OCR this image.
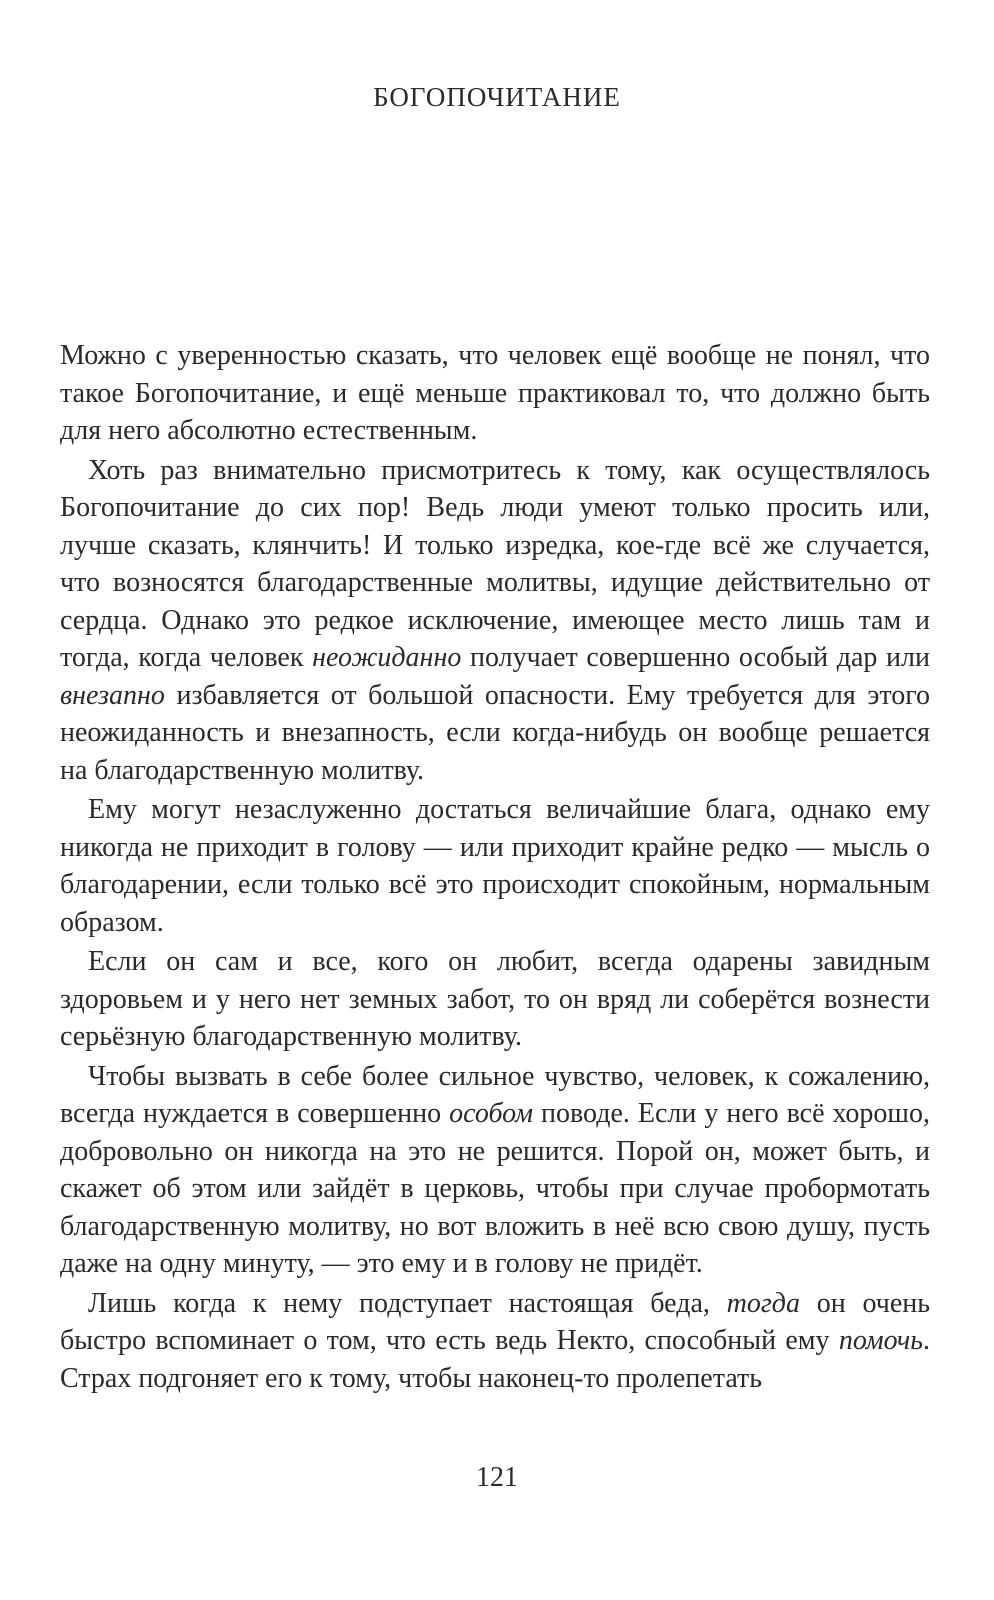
БОГОПОЧИТАНИЕ

Можно с уверенностью сказать, что человек ещё вообще не понял, что такое Богопочитание, и ещё меньше практиковал то, что должно быть для него абсолютно естественным.

Хоть раз внимательно присмотритесь к тому, как осуществлялось Богопочитание до сих пор! Ведь люди умеют только просить или, лучше сказать, клянчить! И только изредка, кое-где всё же случается, что возносятся благодарственные молитвы, идущие действительно от сердца. Однако это редкое исключение, имеющее место лишь там и тогда, когда человек неожиданно получает совершенно особый дар или внезапно избавляется от большой опасности. Ему требуется для этого неожиданность и внезапность, если когда-нибудь он вообще решается на благодарственную молитву.

Ему могут незаслуженно достаться величайшие блага, однако ему никогда не приходит в голову — или приходит крайне редко — мысль о благодарении, если только всё это происходит спокойным, нормальным образом.

Если он сам и все, кого он любит, всегда одарены завидным здоровьем и у него нет земных забот, то он вряд ли соберётся вознести серьёзную благодарственную молитву.

Чтобы вызвать в себе более сильное чувство, человек, к сожалению, всегда нуждается в совершенно особом поводе. Если у него всё хорошо, добровольно он никогда на это не решится. Порой он, может быть, и скажет об этом или зайдёт в церковь, чтобы при случае пробормотать благодарственную молитву, но вот вложить в неё всю свою душу, пусть даже на одну минуту, — это ему и в голову не придёт.

Лишь когда к нему подступает настоящая беда, тогда он очень быстро вспоминает о том, что есть ведь Некто, способный ему помочь. Страх подгоняет его к тому, чтобы наконец-то пролепетать

121
